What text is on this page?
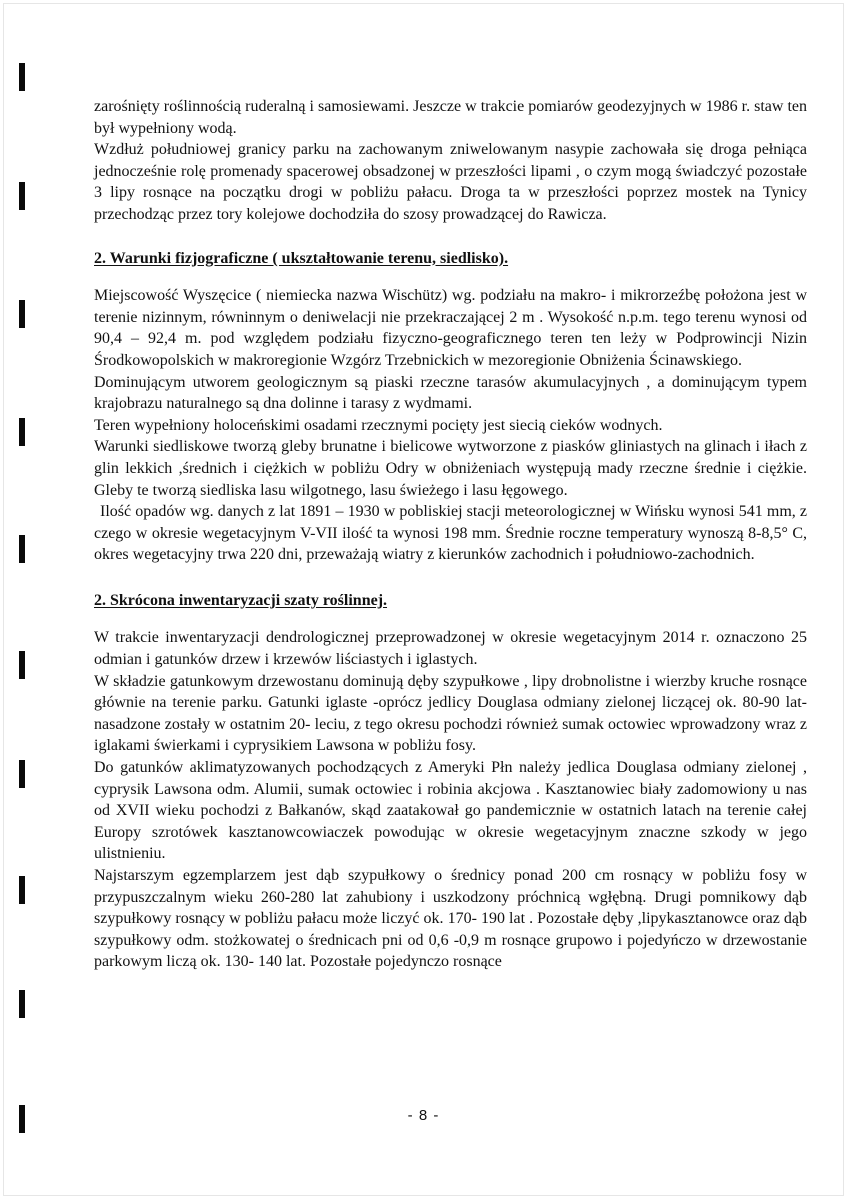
zarośnięty roślinnością ruderalną i samosiewami. Jeszcze w trakcie pomiarów geodezyjnych w 1986 r. staw ten był wypełniony wodą.

Wzdłuż południowej granicy parku na zachowanym zniwelowanym nasypie zachowała się droga pełniąca jednocześnie rolę promenady spacerowej obsadzonej w przeszłości lipami , o czym mogą świadczyć pozostałe 3 lipy rosnące na początku drogi w pobliżu pałacu. Droga ta w przeszłości poprzez mostek na Tynicy przechodząc przez tory kolejowe dochodziła do szosy prowadzącej do Rawicza.

2. Warunki fizjograficzne ( ukształtowanie terenu, siedlisko).

Miejscowość Wyszęcice ( niemiecka nazwa Wischütz) wg. podziału na makro- i mikrorzeźbę położona jest w terenie nizinnym, równinnym o deniwelacji nie przekraczającej 2 m . Wysokość n.p.m. tego terenu wynosi od 90,4 – 92,4 m. pod względem podziału fizyczno-geograficznego teren ten leży w Podprowincji Nizin Środkowopolskich w makroregionie Wzgórz Trzebnickich w mezoregionie Obniżenia Ścinawskiego.

Dominującym utworem geologicznym są piaski rzeczne tarasów akumulacyjnych , a dominującym typem krajobrazu naturalnego są dna dolinne i tarasy z wydmami.

Teren wypełniony holoceńskimi osadami rzecznymi pocięty jest siecią cieków wodnych.

Warunki siedliskowe tworzą gleby brunatne i bielicowe wytworzone z piasków gliniastych na glinach i iłach z glin lekkich ,średnich i ciężkich w pobliżu Odry w obniżeniach występują mady rzeczne średnie i ciężkie. Gleby te tworzą siedliska lasu wilgotnego, lasu świeżego i lasu łęgowego.

Ilość opadów wg. danych z lat 1891 – 1930 w pobliskiej stacji meteorologicznej w Wińsku wynosi 541 mm, z czego w okresie wegetacyjnym V-VII ilość ta wynosi 198 mm. Średnie roczne temperatury wynoszą 8-8,5° C, okres wegetacyjny trwa 220 dni, przeważają wiatry z kierunków zachodnich i południowo-zachodnich.

2. Skrócona inwentaryzacji szaty roślinnej.

W trakcie inwentaryzacji dendrologicznej przeprowadzonej w okresie wegetacyjnym 2014 r. oznaczono 25 odmian i gatunków drzew i krzewów liściastych i iglastych.

W składzie gatunkowym drzewostanu dominują dęby szypułkowe , lipy drobnolistne i wierzby kruche rosnące głównie na terenie parku. Gatunki iglaste -oprócz jedlicy Douglasa odmiany zielonej liczącej ok. 80-90 lat- nasadzone zostały w ostatnim 20- leciu, z tego okresu pochodzi również sumak octowiec wprowadzony wraz z iglakami świerkami i cyprysikiem Lawsona w pobliżu fosy.

Do gatunków aklimatyzowanych pochodzących z Ameryki Płn należy jedlica Douglasa odmiany zielonej , cyprysik Lawsona odm. Alumii, sumak octowiec i robinia akcjowa . Kasztanowiec biały zadomowiony u nas od XVII wieku pochodzi z Bałkanów, skąd zaatakował go pandemicznie w ostatnich latach na terenie całej Europy szrotówek kasztanowcowiaczek powodując w okresie wegetacyjnym znaczne szkody w jego ulistnieniu.

Najstarszym egzemplarzem jest dąb szypułkowy o średnicy ponad 200 cm rosnący w pobliżu fosy w przypuszczalnym wieku 260-280 lat zahubiony i uszkodzony próchnicą wgłębną. Drugi pomnikowy dąb szypułkowy rosnący w pobliżu pałacu może liczyć ok. 170- 190 lat . Pozostałe dęby ,lipykasztanowce oraz dąb szypułkowy odm. stożkowatej o średnicach pni od 0,6 -0,9 m rosnące grupowo i pojedyńczo w drzewostanie parkowym liczą ok. 130- 140 lat. Pozostałe pojedynczo rosnące

- 8 -
